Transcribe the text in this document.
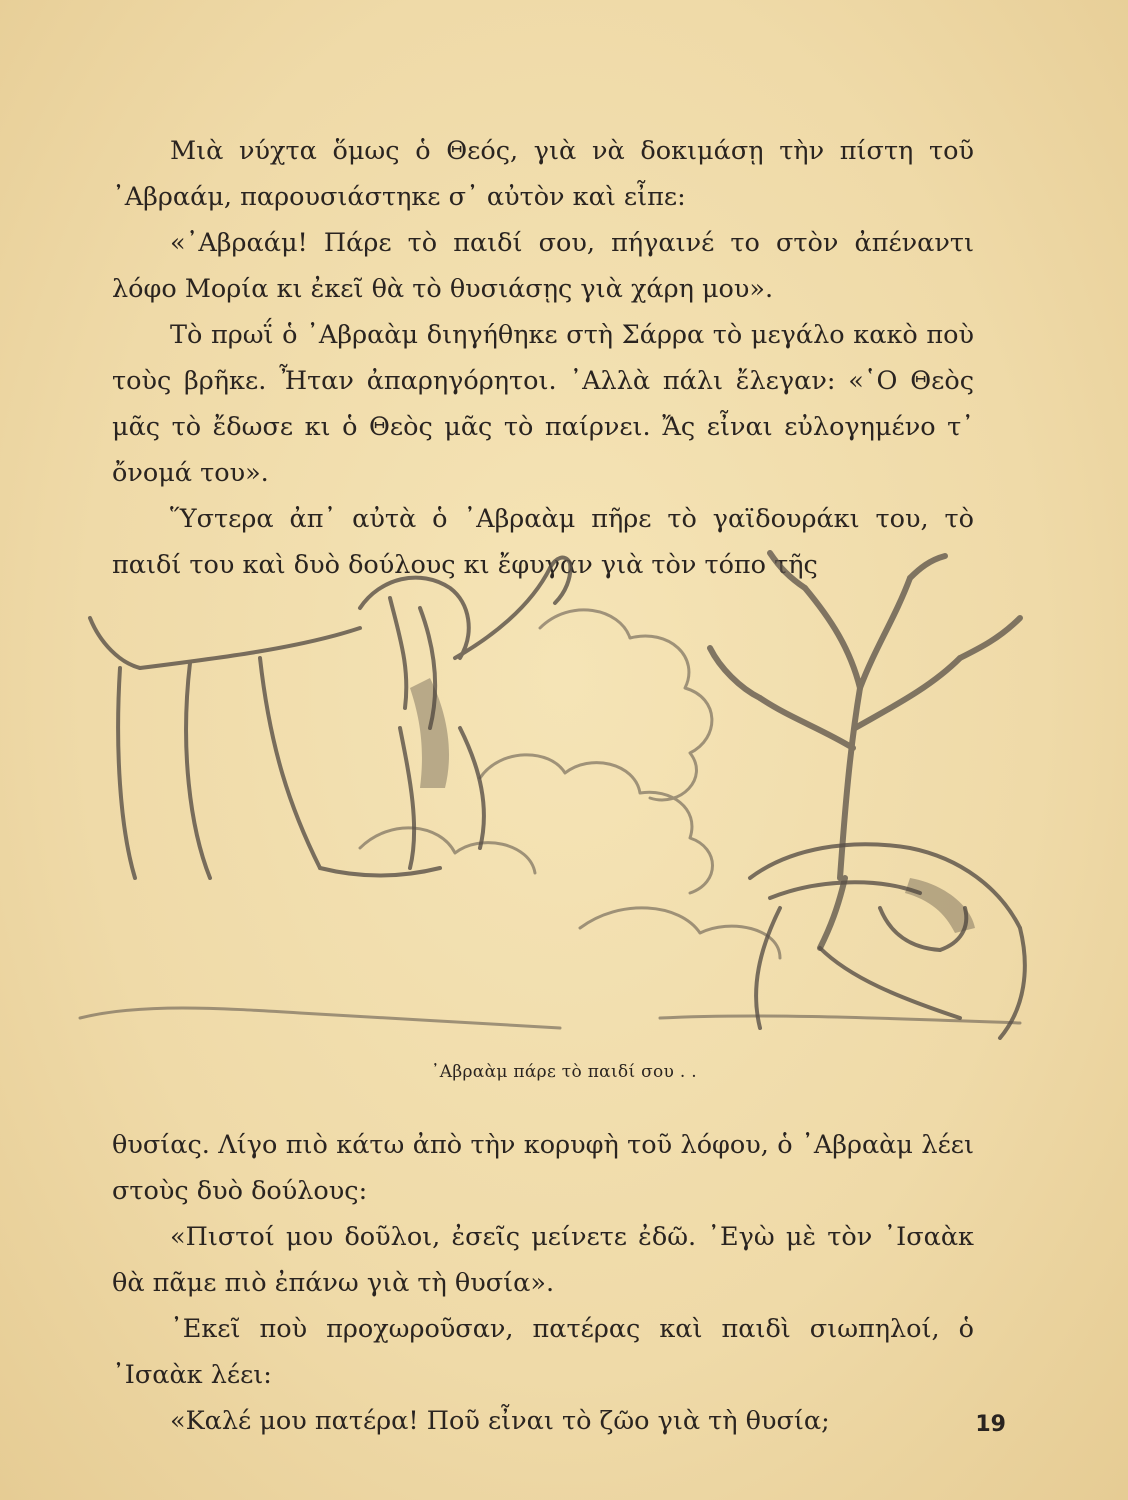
Μιὰ νύχτα ὅμως ὁ Θεός, γιὰ νὰ δοκιμάσῃ τὴν πίστη τοῦ ᾿Αβραάμ, παρουσιάστηκε σ᾿ αὐτὸν καὶ εἶπε:

«᾿Αβραάμ! Πάρε τὸ παιδί σου, πήγαινέ το στὸν ἀπέναντι λόφο Μορία κι ἐκεῖ θὰ τὸ θυσιάσῃς γιὰ χάρη μου».

Τὸ πρωΐ ὁ ᾿Αβραὰμ διηγήθηκε στὴ Σάρρα τὸ μεγάλο κακὸ ποὺ τοὺς βρῆκε. Ἦταν ἀπαρηγόρητοι. ᾿Αλλὰ πάλι ἔλεγαν: «῾Ο Θεὸς μᾶς τὸ ἔδωσε κι ὁ Θεὸς μᾶς τὸ παίρνει. Ἄς εἶναι εὐλογημένο τ᾿ ὄνομά του».

Ὕστερα ἀπ᾿ αὐτὰ ὁ ᾿Αβραὰμ πῆρε τὸ γαϊδουράκι του, τὸ παιδί του καὶ δυὸ δούλους κι ἔφυγαν γιὰ τὸν τόπο τῆς

᾿Αβραὰμ πάρε τὸ παιδί σου . .

θυσίας. Λίγο πιὸ κάτω ἀπὸ τὴν κορυφὴ τοῦ λόφου, ὁ ᾿Αβραὰμ λέει στοὺς δυὸ δούλους:

«Πιστοί μου δοῦλοι, ἐσεῖς μείνετε ἐδῶ. ᾿Εγὼ μὲ τὸν ᾿Ισαὰκ θὰ πᾶμε πιὸ ἐπάνω γιὰ τὴ θυσία».

᾿Εκεῖ ποὺ προχωροῦσαν, πατέρας καὶ παιδὶ σιωπηλοί, ὁ ᾿Ισαὰκ λέει:

«Καλέ μου πατέρα! Ποῦ εἶναι τὸ ζῶο γιὰ τὴ θυσία;	19
